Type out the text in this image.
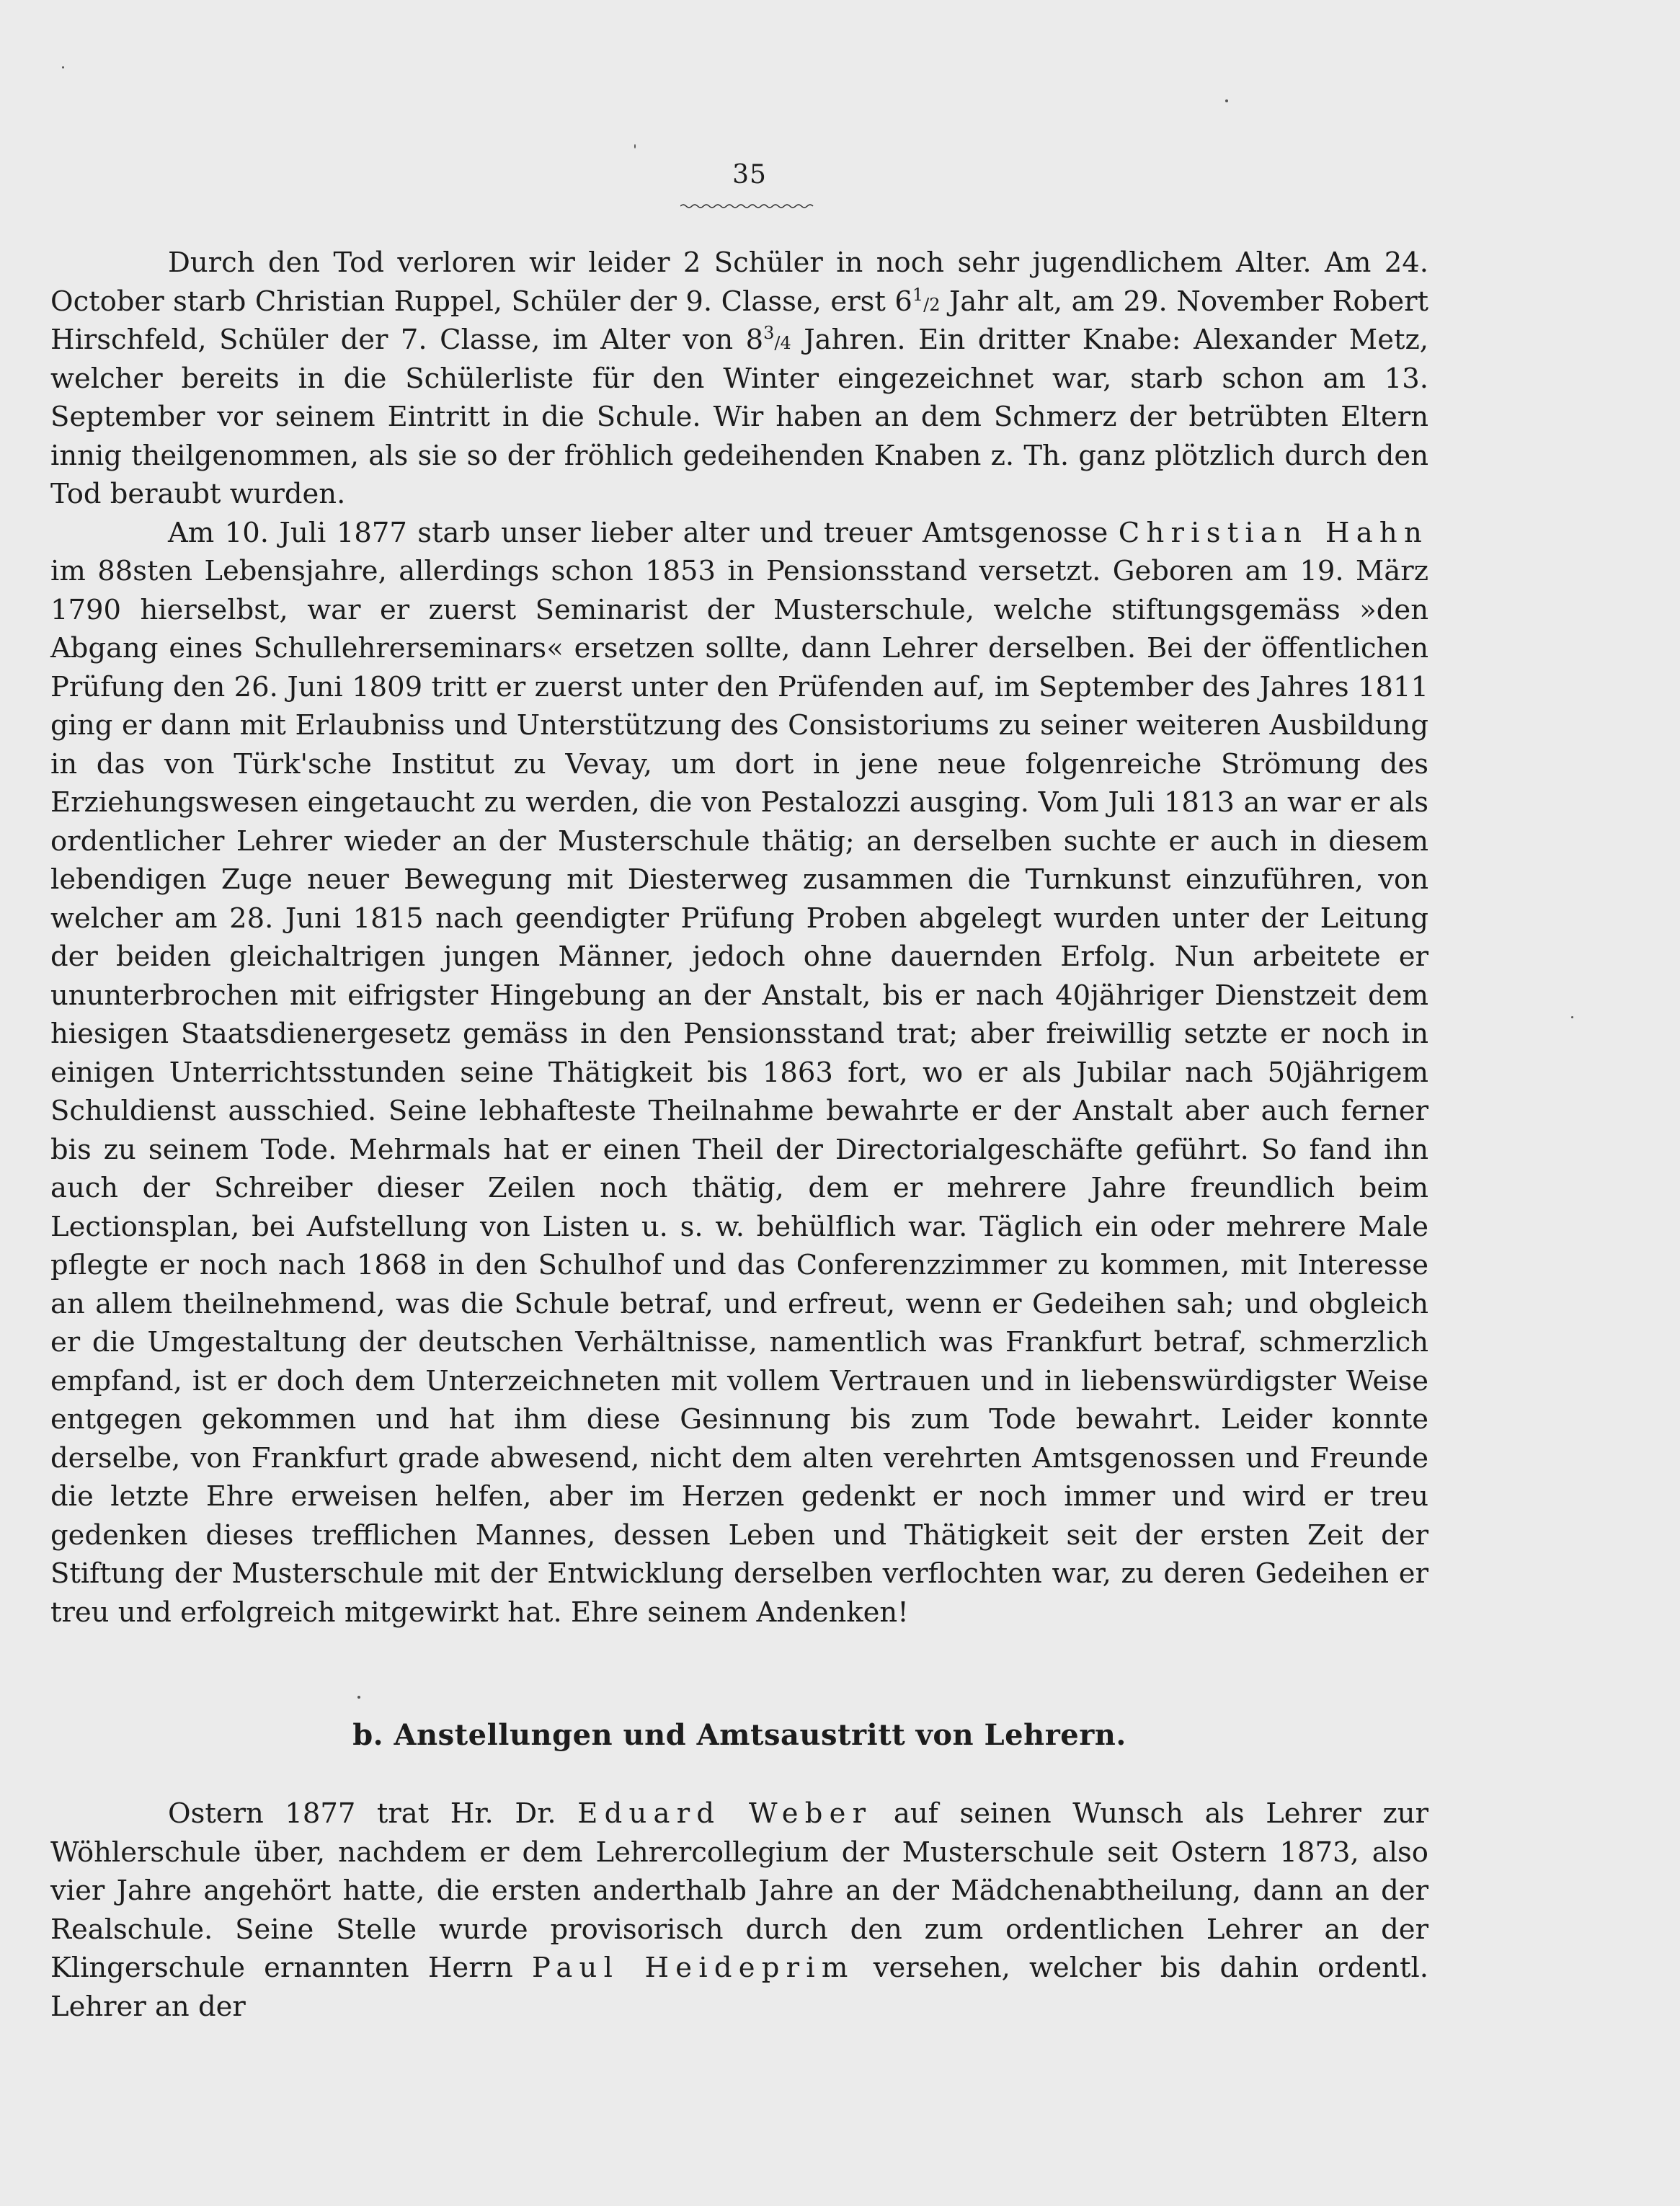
35

Durch den Tod verloren wir leider 2 Schüler in noch sehr jugendlichem Alter. Am 24. October starb Christian Ruppel, Schüler der 9. Classe, erst $6^1/2$ Jahr alt, am 29. November Robert Hirschfeld, Schüler der 7. Classe, im Alter von $8^3/4$ Jahren. Ein dritter Knabe: Alexander Metz, welcher bereits in die Schülerliste für den Winter eingezeichnet war, starb schon am 13. September vor seinem Eintritt in die Schule. Wir haben an dem Schmerz der betrübten Eltern innig theilgenommen, als sie so der fröhlich gedeihenden Knaben z. Th. ganz plötzlich durch den Tod beraubt wurden.

Am 10. Juli 1877 starb unser lieber alter und treuer Amtsgenosse Christian Hahn im 88sten Lebensjahre, allerdings schon 1853 in Pensionsstand versetzt. Geboren am 19. März 1790 hierselbst, war er zuerst Seminarist der Musterschule, welche stiftungsgemäss »den Abgang eines Schullehrerseminars« ersetzen sollte, dann Lehrer derselben. Bei der öffentlichen Prüfung den 26. Juni 1809 tritt er zuerst unter den Prüfenden auf, im September des Jahres 1811 ging er dann mit Erlaubniss und Unterstützung des Consistoriums zu seiner weiteren Ausbildung in das von Türk'sche Institut zu Vevay, um dort in jene neue folgenreiche Strömung des Erziehungswesen eingetaucht zu werden, die von Pestalozzi ausging. Vom Juli 1813 an war er als ordentlicher Lehrer wieder an der Musterschule thätig; an derselben suchte er auch in diesem lebendigen Zuge neuer Bewegung mit Diesterweg zusammen die Turnkunst einzuführen, von welcher am 28. Juni 1815 nach geendigter Prüfung Proben abgelegt wurden unter der Leitung der beiden gleichaltrigen jungen Männer, jedoch ohne dauernden Erfolg. Nun arbeitete er ununterbrochen mit eifrigster Hingebung an der Anstalt, bis er nach 40jähriger Dienstzeit dem hiesigen Staatsdienergesetz gemäss in den Pensionsstand trat; aber freiwillig setzte er noch in einigen Unterrichtsstunden seine Thätigkeit bis 1863 fort, wo er als Jubilar nach 50jährigem Schuldienst ausschied. Seine lebhafteste Theilnahme bewahrte er der Anstalt aber auch ferner bis zu seinem Tode. Mehrmals hat er einen Theil der Directorialgeschäfte geführt. So fand ihn auch der Schreiber dieser Zeilen noch thätig, dem er mehrere Jahre freundlich beim Lectionsplan, bei Aufstellung von Listen u. s. w. behülflich war. Täglich ein oder mehrere Male pflegte er noch nach 1868 in den Schulhof und das Conferenzzimmer zu kommen, mit Interesse an allem theilnehmend, was die Schule betraf, und erfreut, wenn er Gedeihen sah; und obgleich er die Umgestaltung der deutschen Verhältnisse, namentlich was Frankfurt betraf, schmerzlich empfand, ist er doch dem Unterzeichneten mit vollem Vertrauen und in liebenswürdigster Weise entgegen gekommen und hat ihm diese Gesinnung bis zum Tode bewahrt. Leider konnte derselbe, von Frankfurt grade abwesend, nicht dem alten verehrten Amtsgenossen und Freunde die letzte Ehre erweisen helfen, aber im Herzen gedenkt er noch immer und wird er treu gedenken dieses trefflichen Mannes, dessen Leben und Thätigkeit seit der ersten Zeit der Stiftung der Musterschule mit der Entwicklung derselben verflochten war, zu deren Gedeihen er treu und erfolgreich mitgewirkt hat. Ehre seinem Andenken!

b. Anstellungen und Amtsaustritt von Lehrern.

Ostern 1877 trat Hr. Dr. Eduard Weber auf seinen Wunsch als Lehrer zur Wöhlerschule über, nachdem er dem Lehrercollegium der Musterschule seit Ostern 1873, also vier Jahre angehört hatte, die ersten anderthalb Jahre an der Mädchenabtheilung, dann an der Realschule. Seine Stelle wurde provisorisch durch den zum ordentlichen Lehrer an der Klingerschule ernannten Herrn Paul Heideprim versehen, welcher bis dahin ordentl. Lehrer an der
